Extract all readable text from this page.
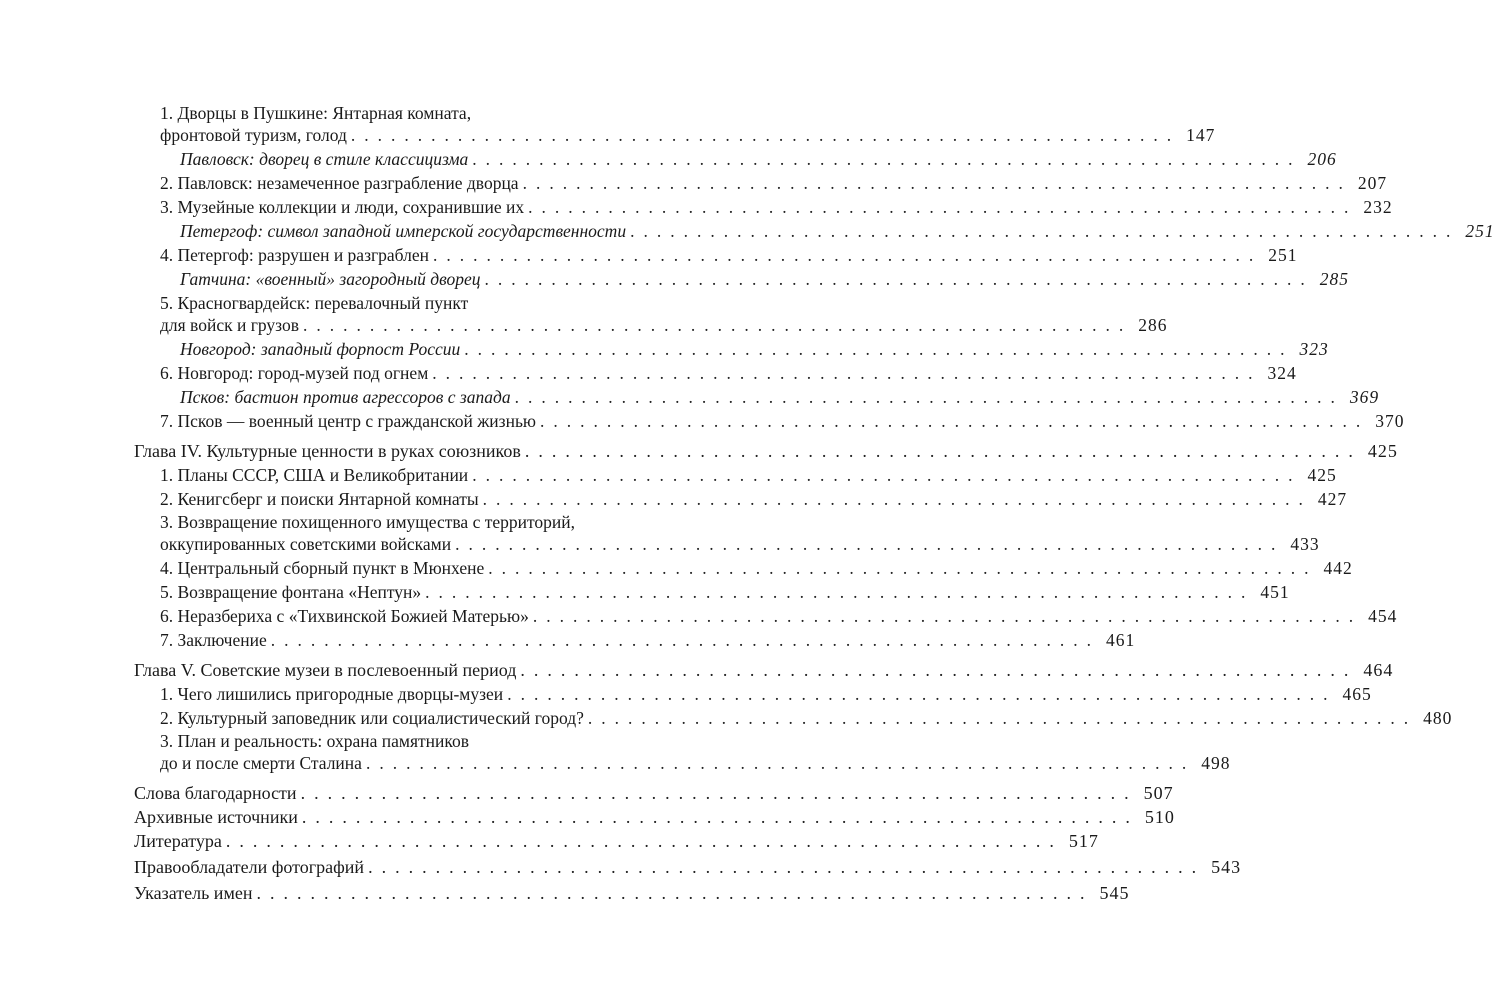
1. Дворцы в Пушкине: Янтарная комната,
фронтовой туризм, голод .............................................................. 147
Павловск: дворец в стиле классицизма .............................................................. 206
2. Павловск: незамеченное разграбление дворца .............................................................. 207
3. Музейные коллекции и люди, сохранившие их .............................................................. 232
Петергоф: символ западной имперской государственности .............................................................. 251
4. Петергоф: разрушен и разграблен .............................................................. 251
Гатчина: «военный» загородный дворец .............................................................. 285
5. Красногвардейск: перевалочный пункт
для войск и грузов .............................................................. 286
Новгород: западный форпост России .............................................................. 323
6. Новгород: город-музей под огнем .............................................................. 324
Псков: бастион против агрессоров с запада .............................................................. 369
7. Псков — военный центр с гражданской жизнью .............................................................. 370
Глава IV. Культурные ценности в руках союзников .............................................................. 425
1. Планы СССР, США и Великобритании .............................................................. 425
2. Кенигсберг и поиски Янтарной комнаты .............................................................. 427
3. Возвращение похищенного имущества с территорий,
оккупированных советскими войсками .............................................................. 433
4. Центральный сборный пункт в Мюнхене .............................................................. 442
5. Возвращение фонтана «Нептун» .............................................................. 451
6. Неразбериха с «Тихвинской Божией Матерью» .............................................................. 454
7. Заключение .............................................................. 461
Глава V. Советские музеи в послевоенный период .............................................................. 464
1. Чего лишились пригородные дворцы-музеи .............................................................. 465
2. Культурный заповедник или социалистический город? .............................................................. 480
3. План и реальность: охрана памятников
до и после смерти Сталина .............................................................. 498
Слова благодарности .............................................................. 507
Архивные источники .............................................................. 510
Литература .............................................................. 517
Правообладатели фотографий .............................................................. 543
Указатель имен .............................................................. 545
